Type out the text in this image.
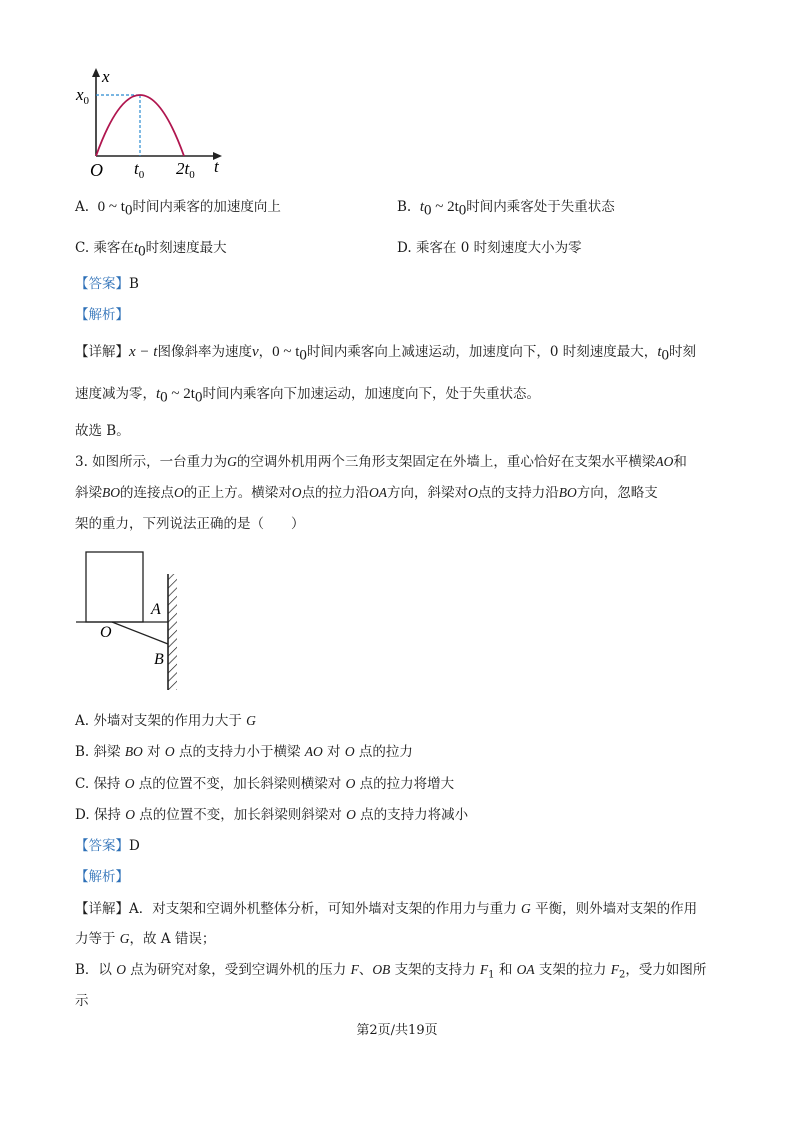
x
$x_0$
O $t_0$ $2t_0$ t
A. 0 ~ $t_0$时间内乘客的加速度向上	B. $t_0$ ~ $2t_0$时间内乘客处于失重状态
C. 乘客在$t_0$时刻速度最大	D. 乘客在 0 时刻速度大小为零
【答案】B
【解析】
【详解】x − t图像斜率为速度v，0 ~ $t_0$时间内乘客向上减速运动，加速度向下，0 时刻速度最大，$t_0$时刻
速度减为零，$t_0$ ~ $2t_0$时间内乘客向下加速运动，加速度向下，处于失重状态。
故选 B。
3. 如图所示，一台重力为G的空调外机用两个三角形支架固定在外墙上，重心恰好在支架水平横梁AO和
斜梁BO的连接点O的正上方。横梁对O点的拉力沿OA方向，斜梁对O点的支持力沿BO方向，忽略支
架的重力，下列说法正确的是（　　）
A
O
B
A. 外墙对支架的作用力大于 G
B. 斜梁 BO 对 O 点的支持力小于横梁 AO 对 O 点的拉力
C. 保持 O 点的位置不变，加长斜梁则横梁对 O 点的拉力将增大
D. 保持 O 点的位置不变，加长斜梁则斜梁对 O 点的支持力将减小
【答案】D
【解析】
【详解】A．对支架和空调外机整体分析，可知外墙对支架的作用力与重力 G 平衡，则外墙对支架的作用
力等于 G，故 A 错误；
B．以 O 点为研究对象，受到空调外机的压力 F、OB 支架的支持力 $F_1$ 和 OA 支架的拉力 $F_2$，受力如图所
示
第2页/共19页
